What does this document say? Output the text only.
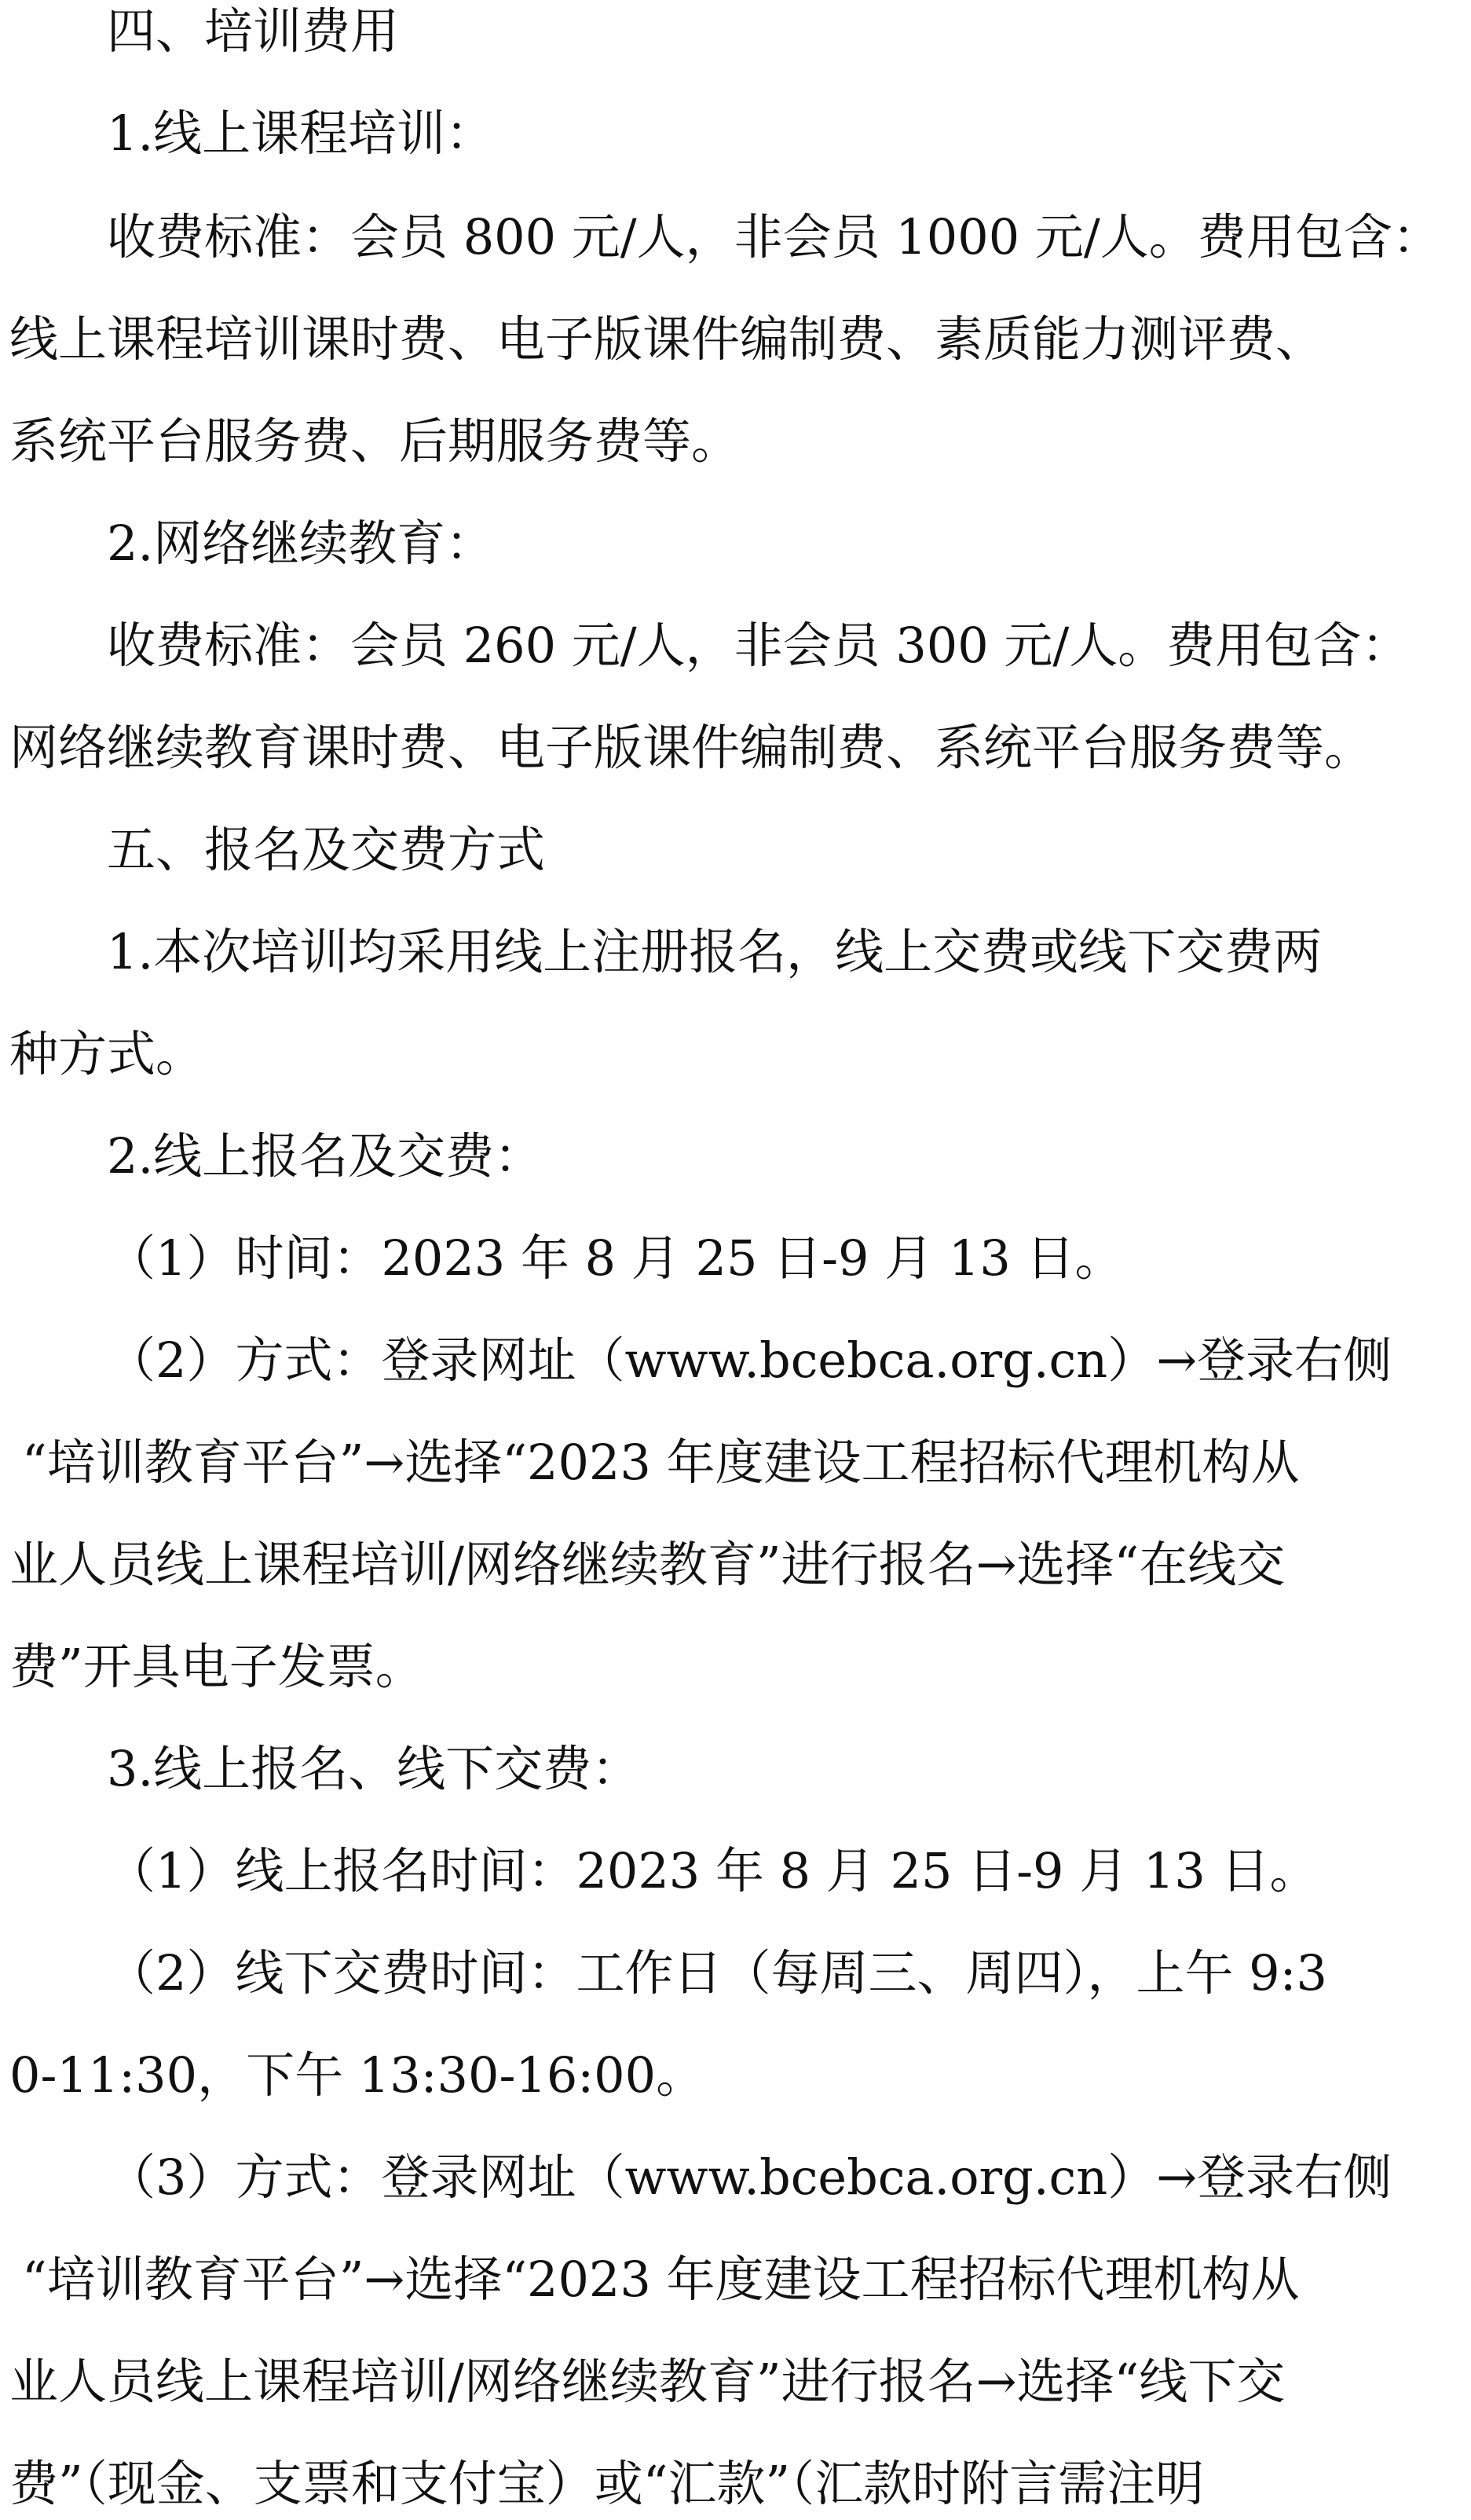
四、培训费用

1.线上课程培训：

收费标准：会员 800 元/人，非会员 1000 元/人。费用包含：

线上课程培训课时费、电子版课件编制费、素质能力测评费、

系统平台服务费、后期服务费等。

2.网络继续教育：

收费标准：会员 260 元/人，非会员 300 元/人。费用包含：

网络继续教育课时费、电子版课件编制费、系统平台服务费等。

五、报名及交费方式

1.本次培训均采用线上注册报名，线上交费或线下交费两

种方式。

2.线上报名及交费：

（1）时间：2023 年 8 月 25 日-9 月 13 日。

（2）方式：登录网址（www.bcebca.org.cn）→登录右侧

“培训教育平台”→选择“2023 年度建设工程招标代理机构从

业人员线上课程培训/网络继续教育”进行报名→选择“在线交

费”开具电子发票。

3.线上报名、线下交费：

（1）线上报名时间：2023 年 8 月 25 日-9 月 13 日。

（2）线下交费时间：工作日（每周三、周四），上午 9:3

0-11:30，下午 13:30-16:00。

（3）方式：登录网址（www.bcebca.org.cn）→登录右侧

“培训教育平台”→选择“2023 年度建设工程招标代理机构从

业人员线上课程培训/网络继续教育”进行报名→选择“线下交

费”（现金、支票和支付宝）或“汇款”（汇款时附言需注明
